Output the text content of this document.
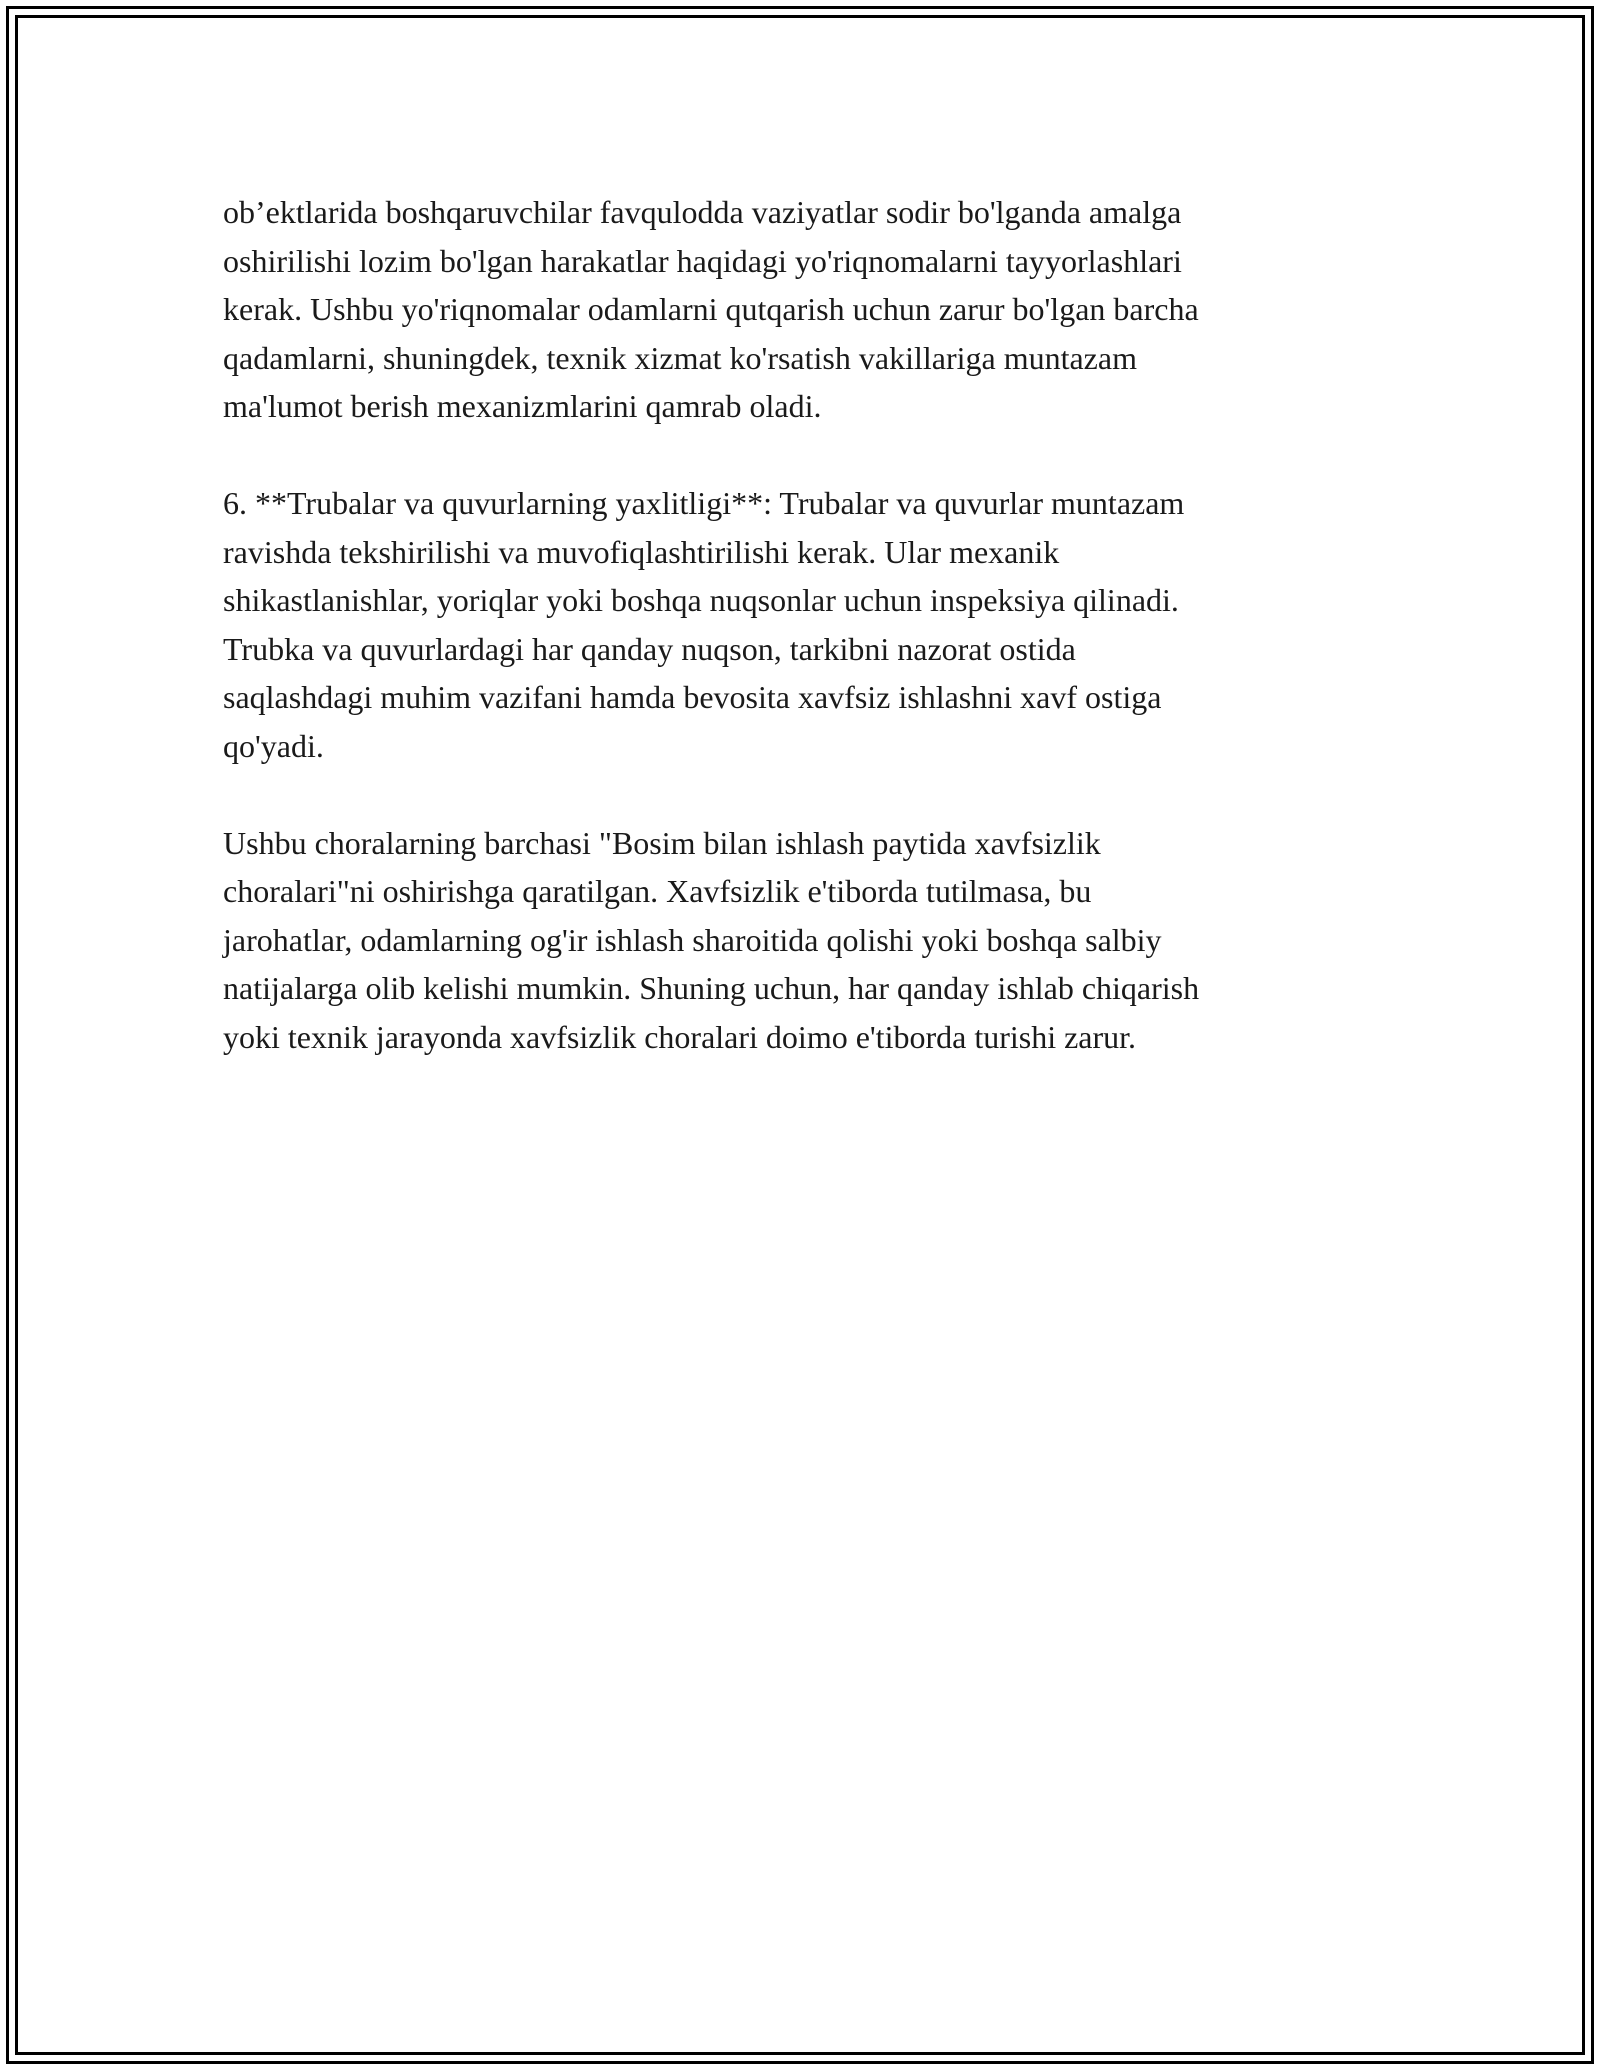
ob’ektlarida boshqaruvchilar favqulodda vaziyatlar sodir bo'lganda amalga
oshirilishi lozim bo'lgan harakatlar haqidagi yo'riqnomalarni tayyorlashlari
kerak. Ushbu yo'riqnomalar odamlarni qutqarish uchun zarur bo'lgan barcha
qadamlarni, shuningdek, texnik xizmat ko'rsatish vakillariga muntazam
ma'lumot berish mexanizmlarini qamrab oladi.

6. **Trubalar va quvurlarning yaxlitligi**: Trubalar va quvurlar muntazam
ravishda tekshirilishi va muvofiqlashtirilishi kerak. Ular mexanik
shikastlanishlar, yoriqlar yoki boshqa nuqsonlar uchun inspeksiya qilinadi.
Trubka va quvurlardagi har qanday nuqson, tarkibni nazorat ostida
saqlashdagi muhim vazifani hamda bevosita xavfsiz ishlashni xavf ostiga
qo'yadi.

Ushbu choralarning barchasi "Bosim bilan ishlash paytida xavfsizlik
choralari"ni oshirishga qaratilgan. Xavfsizlik e'tiborda tutilmasa, bu
jarohatlar, odamlarning og'ir ishlash sharoitida qolishi yoki boshqa salbiy
natijalarga olib kelishi mumkin. Shuning uchun, har qanday ishlab chiqarish
yoki texnik jarayonda xavfsizlik choralari doimo e'tiborda turishi zarur.
